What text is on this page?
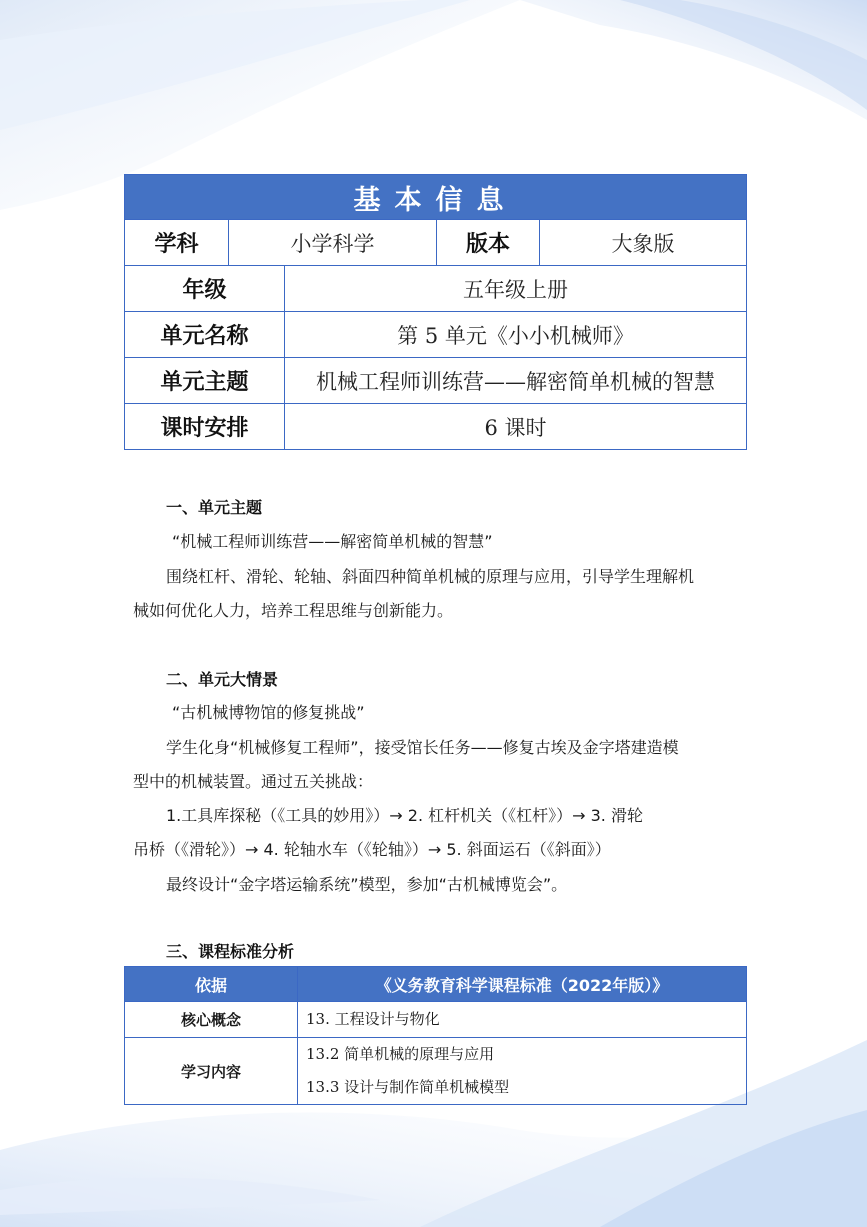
基本信息				
学科	小学科学		版本	大象版
年级		五年级上册		
单元名称		第 5 单元《小小机械师》		
单元主题		机械工程师训练营——解密简单机械的智慧		
课时安排		6 课时		
一、单元主题
“机械工程师训练营——解密简单机械的智慧”
围绕杠杆、滑轮、轮轴、斜面四种简单机械的原理与应用，引导学生理解机
械如何优化人力，培养工程思维与创新能力。
二、单元大情景
“古机械博物馆的修复挑战”
学生化身“机械修复工程师”，接受馆长任务——修复古埃及金字塔建造模
型中的机械装置。通过五关挑战：
1.工具库探秘（《工具的妙用》）→ 2. 杠杆机关（《杠杆》）→ 3. 滑轮
吊桥（《滑轮》）→ 4. 轮轴水车（《轮轴》）→ 5. 斜面运石（《斜面》）
最终设计“金字塔运输系统”模型，参加“古机械博览会”。
三、课程标准分析
依据	《义务教育科学课程标准（2022年版）》
核心概念	13. 工程设计与物化

学习内容	13.2 简单机械的原理与应用
13.3 设计与制作简单机械模型
